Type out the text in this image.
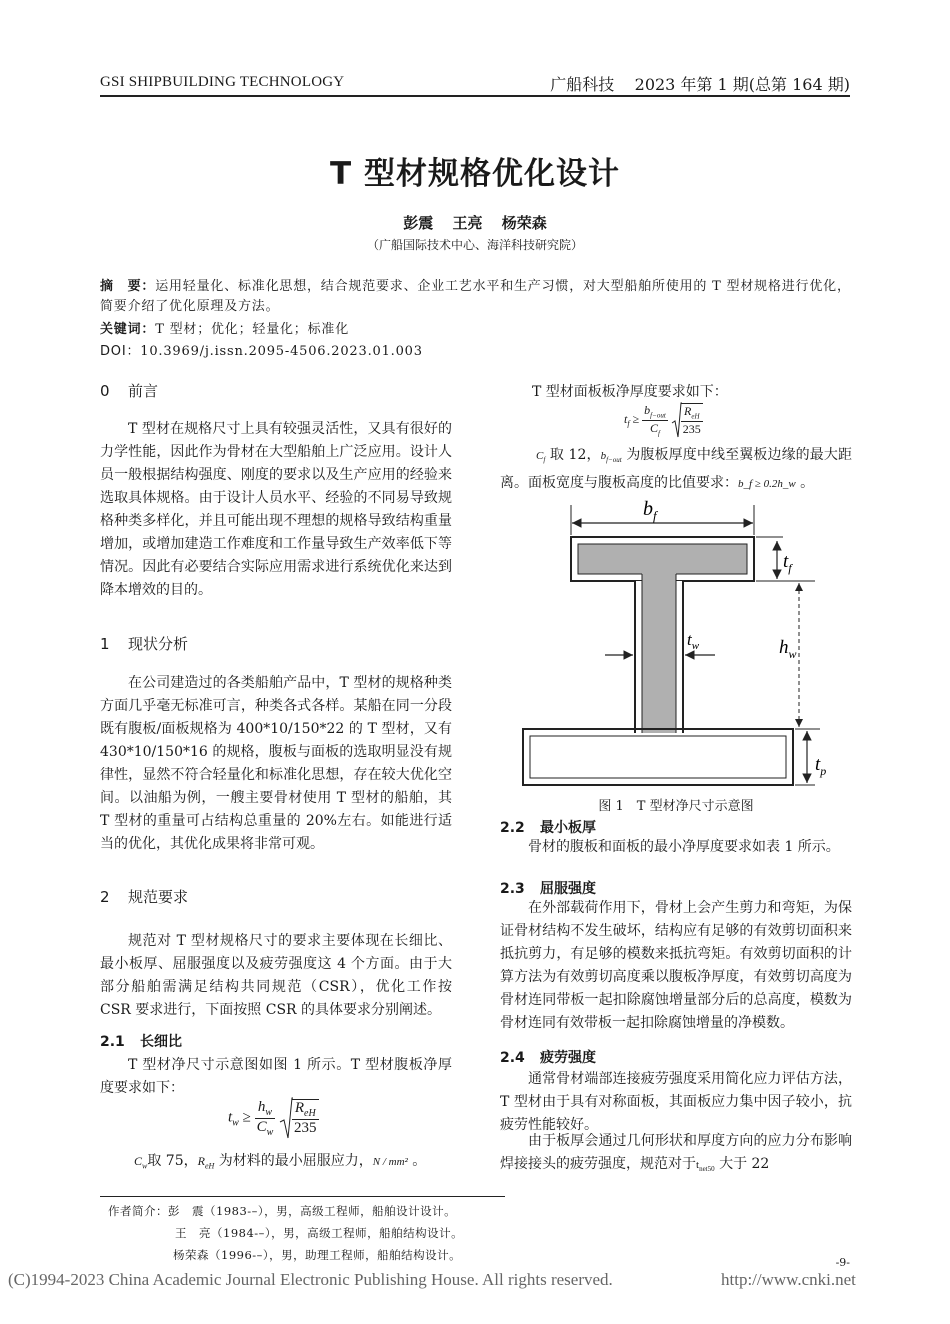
GSI SHIPBUILDING TECHNOLOGY	广船科技 2023 年第 1 期(总第 164 期)
T 型材规格优化设计
彭震 王亮 杨荣森
（广船国际技术中心、海洋科技研究院）
摘　要：运用轻量化、标准化思想，结合规范要求、企业工艺水平和生产习惯，对大型船舶所使用的 T 型材规格进行优化，简要介绍了优化原理及方法。
关键词：T 型材；优化；轻量化；标准化
DOI：10.3969/j.issn.2095-4506.2023.01.003
0 前言

T 型材在规格尺寸上具有较强灵活性，又具有很好的力学性能，因此作为骨材在大型船舶上广泛应用。设计人员一般根据结构强度、刚度的要求以及生产应用的经验来选取具体规格。由于设计人员水平、经验的不同易导致规格种类多样化，并且可能出现不理想的规格导致结构重量增加，或增加建造工作难度和工作量导致生产效率低下等情况。因此有必要结合实际应用需求进行系统优化来达到降本增效的目的。

1 现状分析

在公司建造过的各类船舶产品中，T 型材的规格种类方面几乎毫无标准可言，种类各式各样。某船在同一分段既有腹板/面板规格为 400*10/150*22 的 T 型材，又有 430*10/150*16 的规格，腹板与面板的选取明显没有规律性，显然不符合轻量化和标准化思想，存在较大优化空间。以油船为例，一艘主要骨材使用 T 型材的船舶，其 T 型材的重量可占结构总重量的 20%左右。如能进行适当的优化，其优化成果将非常可观。

2 规范要求

规范对 T 型材规格尺寸的要求主要体现在长细比、最小板厚、屈服强度以及疲劳强度这 4 个方面。由于大部分船舶需满足结构共同规范（CSR），优化工作按 CSR 要求进行，下面按照 CSR 的具体要求分别阐述。

2.1 长细比

T 型材净尺寸示意图如图 1 所示。T 型材腹板净厚度要求如下：

$t_w \ge \frac{h_w}{C_w}$
$\frac{R_{eH}}{235}$
$C_w$取 75，$R_{eH}$ 为材料的最小屈服应力，N / mm² 。
T 型材面板板净厚度要求如下：
$t_f \ge \frac{b_{f-out}}{C_f}$
$\frac{R_{eH}}{235}$
$C_f$ 取 12，$b_{f-out}$ 为腹板厚度中线至翼板边缘的最大距离。面板宽度与腹板高度的比值要求：b_f ≥ 0.2h_w 。
$b_f$
$t_f$
$h_w$
$t_w$
$t_p$
图 1　T 型材净尺寸示意图
2.2 最小板厚

骨材的腹板和面板的最小净厚度要求如表 1 所示。

2.3 屈服强度

在外部载荷作用下，骨材上会产生剪力和弯矩，为保证骨材结构不发生破坏，结构应有足够的有效剪切面积来抵抗剪力，有足够的模数来抵抗弯矩。有效剪切面积的计算方法为有效剪切高度乘以腹板净厚度，有效剪切高度为骨材连同带板一起扣除腐蚀增量部分后的总高度，模数为骨材连同有效带板一起扣除腐蚀增量的净模数。

2.4 疲劳强度

通常骨材端部连接疲劳强度采用简化应力评估方法，T 型材由于具有对称面板，其面板应力集中因子较小，抗疲劳性能较好。

由于板厚会通过几何形状和厚度方向的应力分布影响焊接接头的疲劳强度，规范对于$t_{net50}$ 大于 22

作者简介：彭　震（1983-–），男，高级工程师，船舶设计设计。
王　亮（1984-–），男，高级工程师，船舶结构设计。
杨荣森（1996-–），男，助理工程师，船舶结构设计。
-9-
(C)1994-2023 China Academic Journal Electronic Publishing House. All rights reserved.	http://www.cnki.net
